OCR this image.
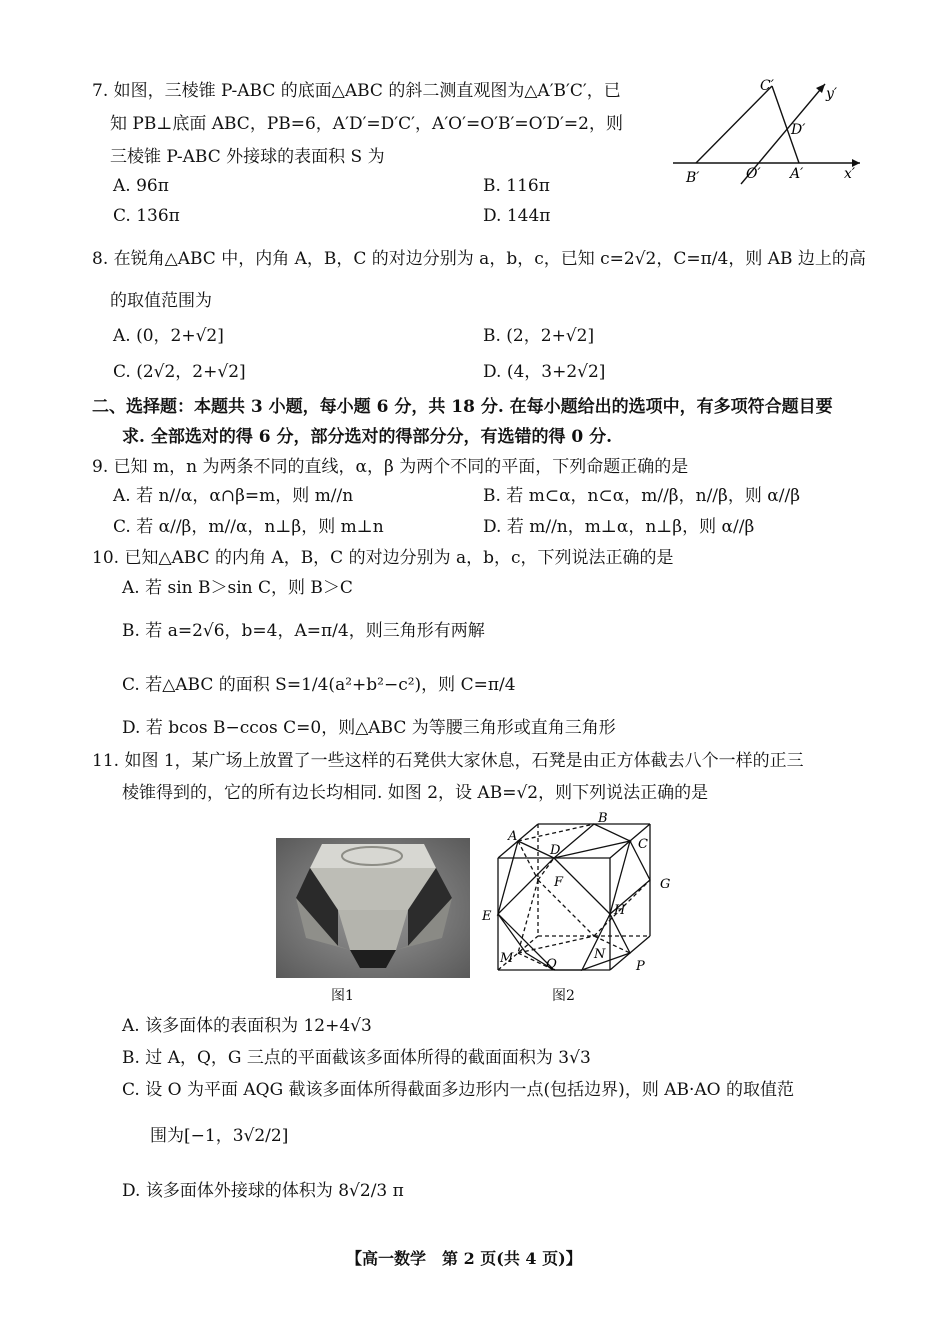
7. 如图，三棱锥 P-ABC 的底面△ABC 的斜二测直观图为△A′B′C′，已
知 PB⊥底面 ABC，PB=6，A′D′=D′C′，A′O′=O′B′=O′D′=2，则
三棱锥 P-ABC 外接球的表面积 S 为
A. 96π	B. 116π
C. 136π	D. 144π
C′	y′
D′
B′	O′ A′	x′
8. 在锐角△ABC 中，内角 A，B，C 的对边分别为 a，b，c，已知 c=2√2，C=π/4，则 AB 边上的高
的取值范围为
A. (0，2+√2]	B. (2，2+√2]
C. (2√2，2+√2]	D. (4，3+2√2]
二、选择题：本题共 3 小题，每小题 6 分，共 18 分. 在每小题给出的选项中，有多项符合题目要
求. 全部选对的得 6 分，部分选对的得部分分，有选错的得 0 分.
9. 已知 m，n 为两条不同的直线，α，β 为两个不同的平面，下列命题正确的是
A. 若 n//α，α∩β=m，则 m//n	B. 若 m⊂α，n⊂α，m//β，n//β，则 α//β
C. 若 α//β，m//α，n⊥β，则 m⊥n	D. 若 m//n，m⊥α，n⊥β，则 α//β
10. 已知△ABC 的内角 A，B，C 的对边分别为 a，b，c，下列说法正确的是
A. 若 sin B＞sin C，则 B＞C
B. 若 a=2√6，b=4，A=π/4，则三角形有两解
C. 若△ABC 的面积 S=1/4(a²+b²−c²)，则 C=π/4
D. 若 bcos B−ccos C=0，则△ABC 为等腰三角形或直角三角形
11. 如图 1，某广场上放置了一些这样的石凳供大家休息，石凳是由正方体截去八个一样的正三
棱锥得到的，它的所有边长均相同. 如图 2，设 AB=√2，则下列说法正确的是
图1
A
B
C
D
E
F	G
H
M	N
P
Q
图2
A. 该多面体的表面积为 12+4√3
B. 过 A，Q，G 三点的平面截该多面体所得的截面面积为 3√3
C. 设 O 为平面 AQG 截该多面体所得截面多边形内一点(包括边界)，则 AB·AO 的取值范
围为[−1，3√2/2]
D. 该多面体外接球的体积为 8√2/3 π
【高一数学　第 2 页(共 4 页)】
